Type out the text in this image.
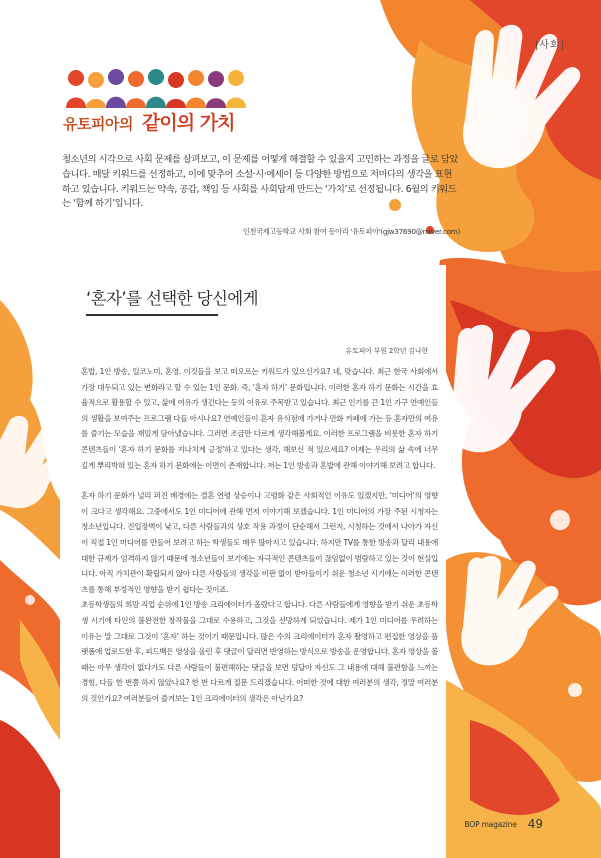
|사회|
유토피아의 같이의 가치

청소년의 시각으로 사회 문제를 살펴보고, 이 문제를 어떻게 해결할 수 있을지 고민하는 과정을 글로 담았습니다. 매달 키워드를 선정하고, 이에 맞추어 소설·시·에세이 등 다양한 방법으로 저마다의 생각을 표현하고 있습니다. 키워드는 약속, 공감, 책임 등 사회를 사회답게 만드는 ‘가치’로 선정됩니다. 6월의 키워드는 ‘함께 하기’입니다.

인천국제고등학교 사회 참여 동아리 '유토피아'(gjw37690@naver.com)
‘혼자’를 선택한 당신에게
유토피아 부원 2학년 김나현

혼밥, 1인 방송, 일코노미, 혼영. 이것들을 보고 떠오르는 키워드가 있으신가요? 네, 맞습니다. 최근 한국 사회에서 가장 대두되고 있는 변화라고 할 수 있는 1인 문화. 즉, ‘혼자 하기’ 문화입니다. 이러한 혼자 하기 문화는 시간을 효율적으로 활용할 수 있고, 삶에 여유가 생긴다는 등의 이유로 주목받고 있습니다. 최근 인기를 끈 1인 가구 연예인들의 생활을 보여주는 프로그램 다들 아시나요? 연예인들이 혼자 유식점에 가거나 만화 카페에 가는 등 혼자만의 여유를 즐기는 모습을 재밌게 담아냈습니다. 그러면 조금만 다르게 생각해볼게요. 이러한 프로그램을 비롯한 혼자 하기 콘텐츠들이 ‘혼자 하기 문화를 지나치게 긍정’하고 있다는 생각, 해보신 적 있으세요? 이제는 우리의 삶 속에 너무 깊게 뿌리박혀 있는 혼자 하기 문화에는 이면이 존재합니다. 저는 1인 방송과 혼밥에 관해 이야기해 보려고 합니다.

혼자 하기 문화가 널리 퍼진 배경에는 결혼 연령 상승이나 고령화 같은 사회적인 이유도 있겠지만, ‘미디어’의 영향이 크다고 생각해요. 그중에서도 1인 미디어에 관해 먼저 이야기해 보겠습니다. 1인 미디어의 가장 주된 시청자는 청소년입니다. 진입장벽이 낮고, 다른 사람들과의 상호 작용 과정이 단순해서 그런지, 시청하는 것에서 나아가 자신이 직접 1인 미디어를 만들어 보려고 하는 학생들도 매우 많아지고 있습니다. 하지만 TV를 통한 방송과 달리 내용에 대한 규제가 엄격하지 않기 때문에 청소년들이 보기에는 자극적인 콘텐츠들이 끊임없이 범람하고 있는 것이 현실입니다. 아직 가치관이 확립되지 않아 다른 사람들의 생각을 비판 없이 받아들이기 쉬운 청소년 시기에는 이러한 콘텐츠를 통해 부정적인 영향을 받기 쉽다는 것이죠.

초등학생들의 희망 직업 순위에 1인 방송 크리에이터가 올랐다고 합니다. 다른 사람들에게 영향을 받기 쉬운 초등학생 시기에 타인의 불완전한 창작물을 그대로 수용하고, 그것을 선망하게 되었습니다. 제가 1인 미디어를 우려하는 이유는 말 그대로 그것이 ‘혼자’ 하는 것이기 때문입니다. 많은 수의 크리에이터가 혼자 촬영하고 편집한 영상을 플랫폼에 업로드한 후, 피드백은 영상을 올린 후 댓글이 달리면 반영하는 방식으로 방송을 운영합니다. 혼자 영상을 볼 때는 아무 생각이 없다가도 다른 사람들이 불편해하는 댓글을 보면 덩달아 자신도 그 내용에 대해 불편함을 느끼는 경험, 다들 한 번쯤 하지 않았나요? 한 번 다르게 질문 드리겠습니다. 어떠한 것에 대한 여러분의 생각, 정말 여러분의 것인가요? 여러분들이 즐겨보는 1인 크리에이터의 생각은 아닌가요?

BOP magazine 49
